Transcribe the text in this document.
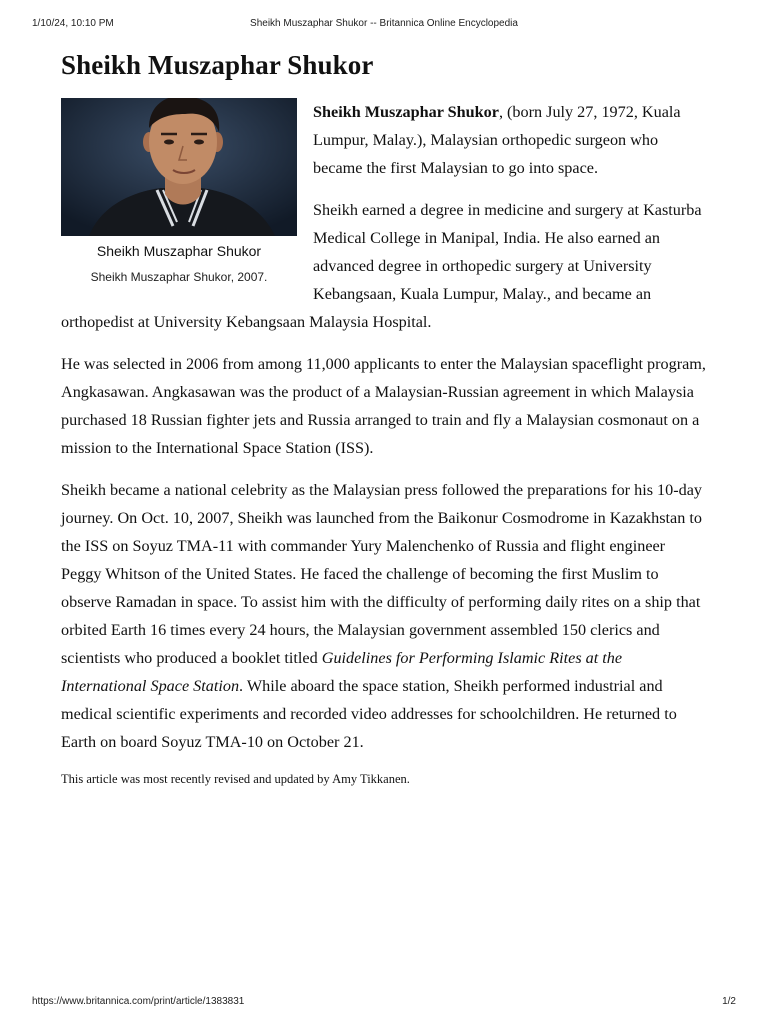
Sheikh Muszaphar Shukor -- Britannica Online Encyclopedia
1/10/24, 10:10 PM
Sheikh Muszaphar Shukor
Sheikh Muszaphar Shukor
Sheikh Muszaphar Shukor, 2007.

Sheikh Muszaphar Shukor, (born July 27, 1972, Kuala Lumpur, Malay.), Malaysian orthopedic surgeon who became the first Malaysian to go into space.

Sheikh earned a degree in medicine and surgery at Kasturba Medical College in Manipal, India. He also earned an advanced degree in orthopedic surgery at University Kebangsaan, Kuala Lumpur, Malay., and became an orthopedist at University Kebangsaan Malaysia Hospital.

He was selected in 2006 from among 11,000 applicants to enter the Malaysian spaceflight program, Angkasawan. Angkasawan was the product of a Malaysian-Russian agreement in which Malaysia purchased 18 Russian fighter jets and Russia arranged to train and fly a Malaysian cosmonaut on a mission to the International Space Station (ISS).

Sheikh became a national celebrity as the Malaysian press followed the preparations for his 10-day journey. On Oct. 10, 2007, Sheikh was launched from the Baikonur Cosmodrome in Kazakhstan to the ISS on Soyuz TMA-11 with commander Yury Malenchenko of Russia and flight engineer Peggy Whitson of the United States. He faced the challenge of becoming the first Muslim to observe Ramadan in space. To assist him with the difficulty of performing daily rites on a ship that orbited Earth 16 times every 24 hours, the Malaysian government assembled 150 clerics and scientists who produced a booklet titled Guidelines for Performing Islamic Rites at the International Space Station. While aboard the space station, Sheikh performed industrial and medical scientific experiments and recorded video addresses for schoolchildren. He returned to Earth on board Soyuz TMA-10 on October 21.

This article was most recently revised and updated by Amy Tikkanen.

https://www.britannica.com/print/article/1383831	1/2
